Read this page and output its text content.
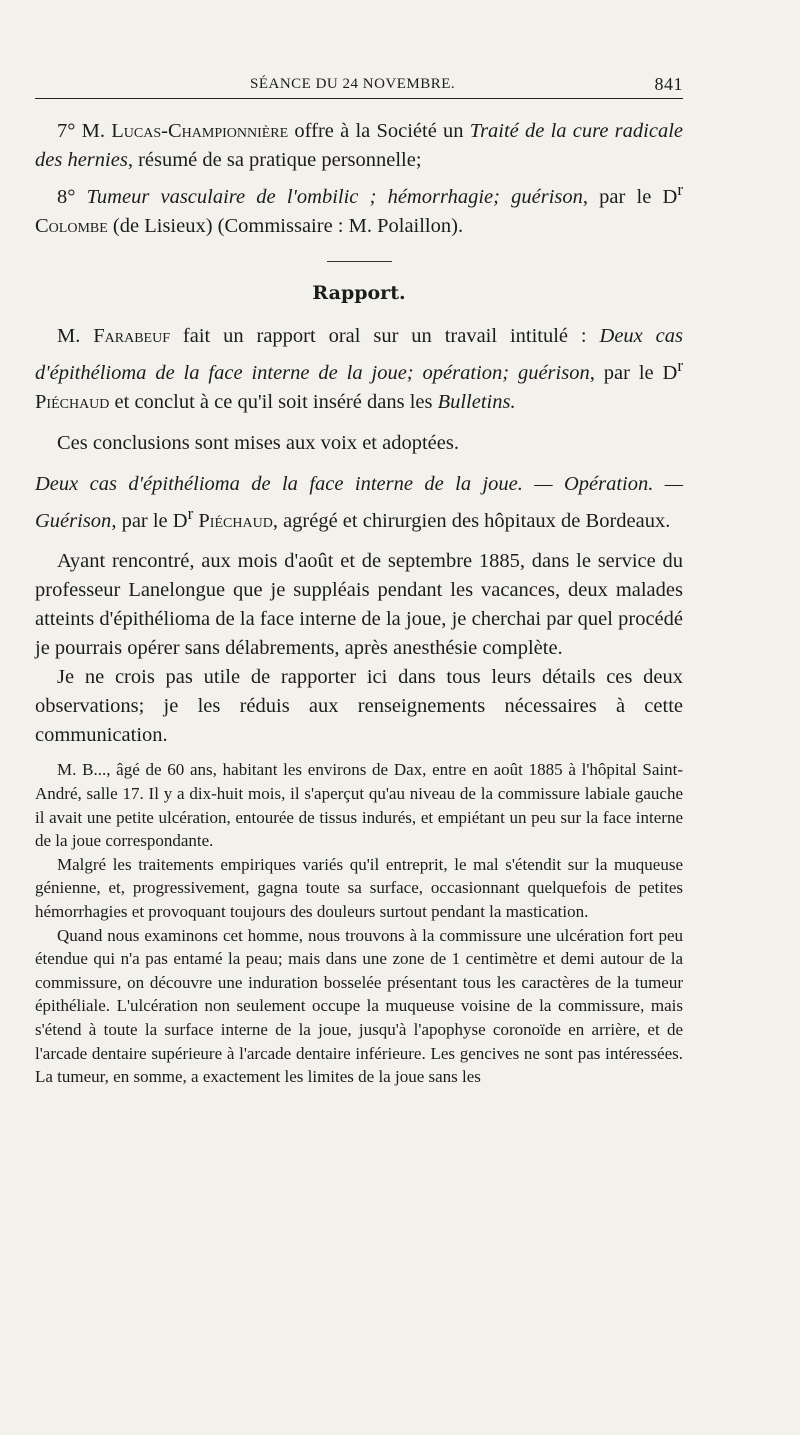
SÉANCE DU 24 NOVEMBRE.	841

7° M. Lucas-Championnière offre à la Société un Traité de la cure radicale des hernies, résumé de sa pratique personnelle;

8° Tumeur vasculaire de l'ombilic ; hémorrhagie; guérison, par le $D^r$ Colombe (de Lisieux) (Commissaire : M. Polaillon).

Rapport.

M. Farabeuf fait un rapport oral sur un travail intitulé : Deux cas d'épithélioma de la face interne de la joue; opération; guérison, par le $D^r$ Piéchaud et conclut à ce qu'il soit inséré dans les Bulletins.

Ces conclusions sont mises aux voix et adoptées.

Deux cas d'épithélioma de la face interne de la joue. — Opération. — Guérison, par le $D^r$ Piéchaud, agrégé et chirurgien des hôpitaux de Bordeaux.

Ayant rencontré, aux mois d'août et de septembre 1885, dans le service du professeur Lanelongue que je suppléais pendant les vacances, deux malades atteints d'épithélioma de la face interne de la joue, je cherchai par quel procédé je pourrais opérer sans délabrements, après anesthésie complète.

Je ne crois pas utile de rapporter ici dans tous leurs détails ces deux observations; je les réduis aux renseignements nécessaires à cette communication.

M. B..., âgé de 60 ans, habitant les environs de Dax, entre en août 1885 à l'hôpital Saint-André, salle 17. Il y a dix-huit mois, il s'aperçut qu'au niveau de la commissure labiale gauche il avait une petite ulcération, entourée de tissus indurés, et empiétant un peu sur la face interne de la joue correspondante.

Malgré les traitements empiriques variés qu'il entreprit, le mal s'étendit sur la muqueuse génienne, et, progressivement, gagna toute sa surface, occasionnant quelquefois de petites hémorrhagies et provoquant toujours des douleurs surtout pendant la mastication.

Quand nous examinons cet homme, nous trouvons à la commissure une ulcération fort peu étendue qui n'a pas entamé la peau; mais dans une zone de 1 centimètre et demi autour de la commissure, on découvre une induration bosselée présentant tous les caractères de la tumeur épithéliale. L'ulcération non seulement occupe la muqueuse voisine de la commissure, mais s'étend à toute la surface interne de la joue, jusqu'à l'apophyse coronoïde en arrière, et de l'arcade dentaire supérieure à l'arcade dentaire inférieure. Les gencives ne sont pas intéressées. La tumeur, en somme, a exactement les limites de la joue sans les
